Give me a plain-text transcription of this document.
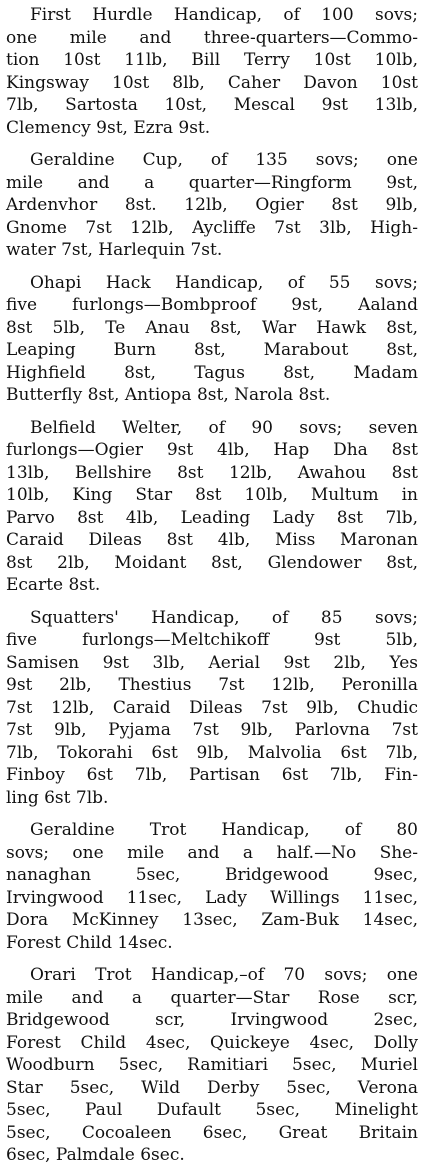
First Hurdle Handicap, of 100 sovs;
one mile and three-quarters—Commo-
tion 10st 11lb, Bill Terry 10st 10lb,
Kingsway 10st 8lb, Caher Davon 10st
7lb, Sartosta 10st, Mescal 9st 13lb,
Clemency 9st, Ezra 9st.

Geraldine Cup, of 135 sovs; one
mile and a quarter—Ringform 9st,
Ardenvhor 8st. 12lb, Ogier 8st 9lb,
Gnome 7st 12lb, Aycliffe 7st 3lb, High-
water 7st, Harlequin 7st.

Ohapi Hack Handicap, of 55 sovs;
five furlongs—Bombproof 9st, Aaland
8st 5lb, Te Anau 8st, War Hawk 8st,
Leaping Burn 8st, Marabout 8st,
Highfield 8st, Tagus 8st, Madam
Butterfly 8st, Antiopa 8st, Narola 8st.

Belfield Welter, of 90 sovs; seven
furlongs—Ogier 9st 4lb, Hap Dha 8st
13lb, Bellshire 8st 12lb, Awahou 8st
10lb, King Star 8st 10lb, Multum in
Parvo 8st 4lb, Leading Lady 8st 7lb,
Caraid Dileas 8st 4lb, Miss Maronan
8st 2lb, Moidant 8st, Glendower 8st,
Ecarte 8st.

Squatters' Handicap, of 85 sovs;
five furlongs—Meltchikoff 9st 5lb,
Samisen 9st 3lb, Aerial 9st 2lb, Yes
9st 2lb, Thestius 7st 12lb, Peronilla
7st 12lb, Caraid Dileas 7st 9lb, Chudic
7st 9lb, Pyjama 7st 9lb, Parlovna 7st
7lb, Tokorahi 6st 9lb, Malvolia 6st 7lb,
Finboy 6st 7lb, Partisan 6st 7lb, Fin-
ling 6st 7lb.

Geraldine Trot Handicap, of 80
sovs; one mile and a half.—No She-
nanaghan 5sec, Bridgewood 9sec,
Irvingwood 11sec, Lady Willings 11sec,
Dora McKinney 13sec, Zam-Buk 14sec,
Forest Child 14sec.

Orari Trot Handicap,–of 70 sovs; one
mile and a quarter—Star Rose scr,
Bridgewood scr, Irvingwood 2sec,
Forest Child 4sec, Quickeye 4sec, Dolly
Woodburn 5sec, Ramitiari 5sec, Muriel
Star 5sec, Wild Derby 5sec, Verona
5sec, Paul Dufault 5sec, Minelight
5sec, Cocoaleen 6sec, Great Britain
6sec, Palmdale 6sec.
